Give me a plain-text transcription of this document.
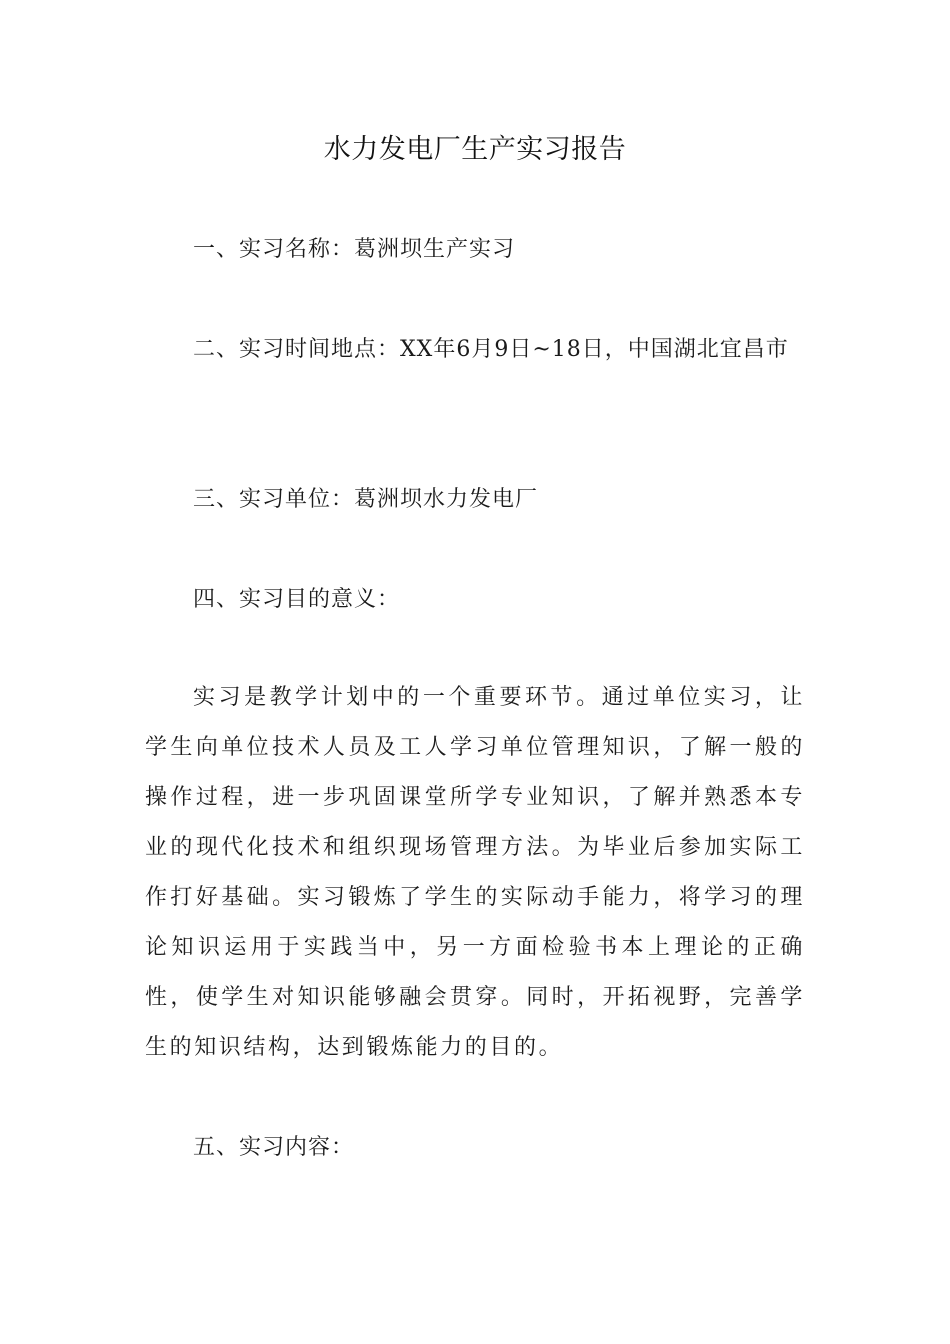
水力发电厂生产实习报告

一、实习名称：葛洲坝生产实习

二、实习时间地点：XX年6月9日~18日，中国湖北宜昌市

三、实习单位：葛洲坝水力发电厂

四、实习目的意义：

实习是教学计划中的一个重要环节。通过单位实习，让学生向单位技术人员及工人学习单位管理知识，了解一般的操作过程，进一步巩固课堂所学专业知识，了解并熟悉本专业的现代化技术和组织现场管理方法。为毕业后参加实际工作打好基础。实习锻炼了学生的实际动手能力，将学习的理论知识运用于实践当中，另一方面检验书本上理论的正确性，使学生对知识能够融会贯穿。同时，开拓视野，完善学生的知识结构，达到锻炼能力的目的。

五、实习内容：
